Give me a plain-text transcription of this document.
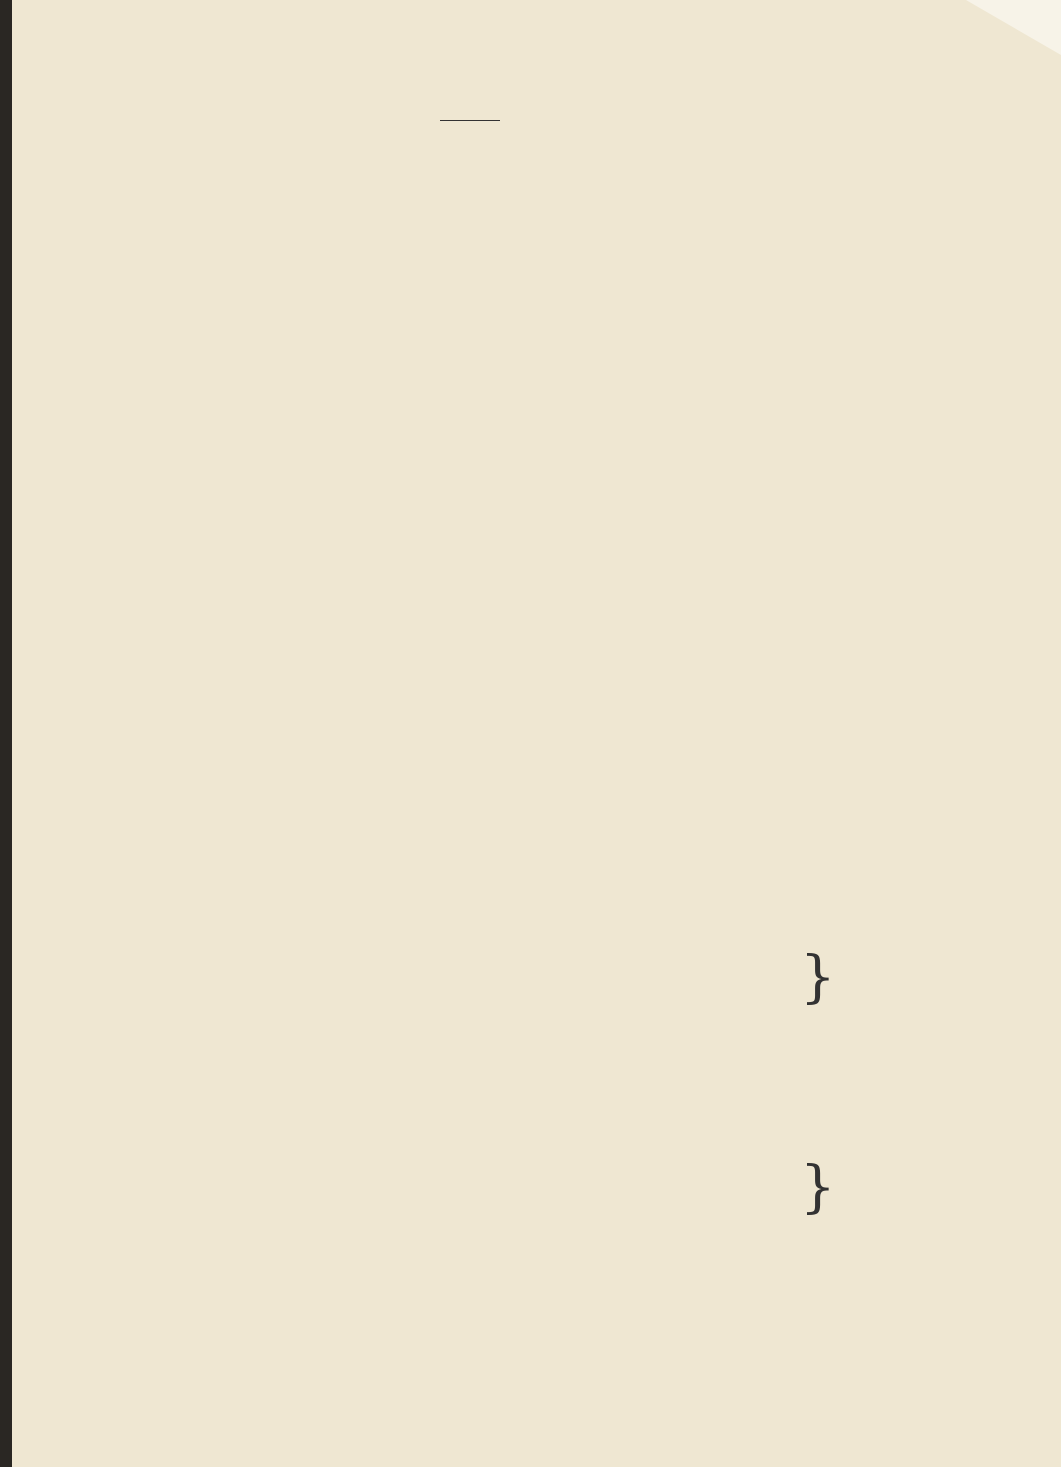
}
}
